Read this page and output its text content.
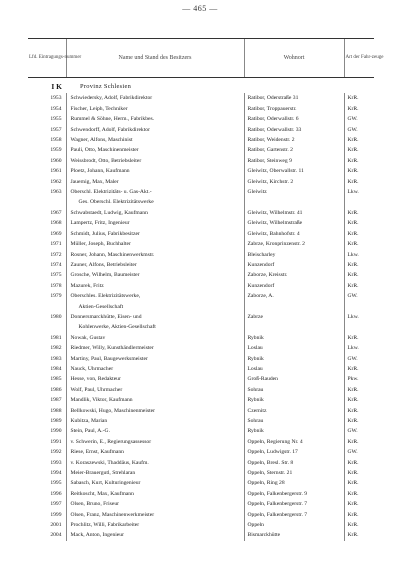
— 465 —
Lfd. Eintragungs-nummer	Name und Stand des Besitzers	Wohnort	Art der Fahr-zeuge
I K	Provinz Schlesien		
1953	Schwiedersky, Adolf, Fabrikdirektor	Ratibor, Oderstraße 31	KrR.
1954	Fischer, Leiph, Techniker	Ratibor, Troppauerstr.	KrR.
1955	Rummel & Söhne, Herm., Fabrikbes.	Ratibor, Oderwallstr. 6	GW.
1957	Schwendorff, Adolf, Fabrikdirektor	Ratibor, Oderwallstr. 33	GW.
1958	Wagner, Alfons, Maschinist	Ratibor, Weidenstr. 2	KrR.
1959	Pauli, Otto, Maschinenmeister	Ratibor, Gartenstr. 2	KrR.
1960	Weissbrodt, Otto, Betriebsleiter	Ratibor, Steinweg 9	KrR.
1961	Ploetz, Johann, Kaufmann	Gleiwitz, Oberwallstr. 11	KrR.
1962	Jauernig, Max, Maler	Gleiwitz, Kirchstr. 2	KrR.
1963	Oberschl. Elektrizitäts- u. Gas-Akt.-	Gleiwitz	Lkw.
	Ges. Oberschl. Elektrizitätswerke		
1967	Schwabstaedt, Ludwig, Kaufmann	Gleiwitz, Wilhelmstr. 41	KrR.
1968	Lampertz, Fritz, Ingenieur	Gleiwitz, Wilhelmstraße	KrR.
1969	Schmidt, Julius, Fabrikbesitzer	Gleiwitz, Bahnhofstr. 4	KrR.
1971	Müller, Joseph, Buchhalter	Zabrze, Kronprinzenstr. 2	KrR.
1972	Rosner, Johann, Maschinenwerkmstr.	Bleischarley	Lkw.
1974	Zauner, Alfons, Betriebsleiter	Kunzendorf	KrR.
1975	Grosche, Wilhelm, Baumeister	Zaborze, Kreisstr.	KrR.
1978	Mazurek, Fritz	Kunzendorf	KrR.
1979	Oberschles. Elektrizitätswerke,	Zaborze, A.	GW.
	Aktien-Gesellschaft		
1980	Donnersmarckhütte, Eisen- und	Zabrze	Lkw.
	Kohlenwerke, Aktien-Gesellschaft		
1981	Nowak, Gustav	Rybnik	KrR.
1982	Riedmer, Willy, Kunsthändlermeister	Loslau	Lkw.
1983	Martiny, Paul, Baugewerksmeister	Rybnik	GW.
1984	Nauck, Uhrmacher	Loslau	KrR.
1985	Hesse, von, Redakteur	Groß-Rauden	Pkw.
1986	Wolf, Paul, Uhrmacher	Sohrau	KrR.
1987	Mandlik, Viktor, Kaufmann	Rybnik	KrR.
1988	Bellkowski, Hugo, Maschinenmeister	Czernitz	KrR.
1989	Kubitza, Marian	Sohrau	KrR.
1990	Stein, Paul, A.-G.	Rybnik	GW.
1991	v. Schwerin, E., Regierungsassessor	Oppeln, Regierung Nr. 4	KrR.
1992	Riese, Ernst, Kaufmann	Oppeln, Ludwigstr. 17	GW.
1993	v. Koraszewski, Thaddäus, Kaufm.	Oppeln, Bresl. Str. 8	KrR.
1994	Meier-Brauergutl, Strehlaran	Oppeln, Sternstr. 21	KrR.
1995	Sabasch, Kurt, Kulturingenieur	Oppeln, Ring 28	KrR.
1996	Reitkoscht, Max, Kaufmann	Oppeln, Falkenbergerstr. 9	KrR.
1997	Olsen, Bruno, Friseur	Oppeln, Falkenbergerstr. 7	KrR.
1999	Olsen, Franz, Maschinenwerkmeister	Oppeln, Falkenbergerstr. 7	KrR.
2001	Prochlitz, Willi, Fabrikarbeiter	Oppeln	KrR.
2004	Mack, Anton, Ingenieur	Bismarckhütte	KrR.
